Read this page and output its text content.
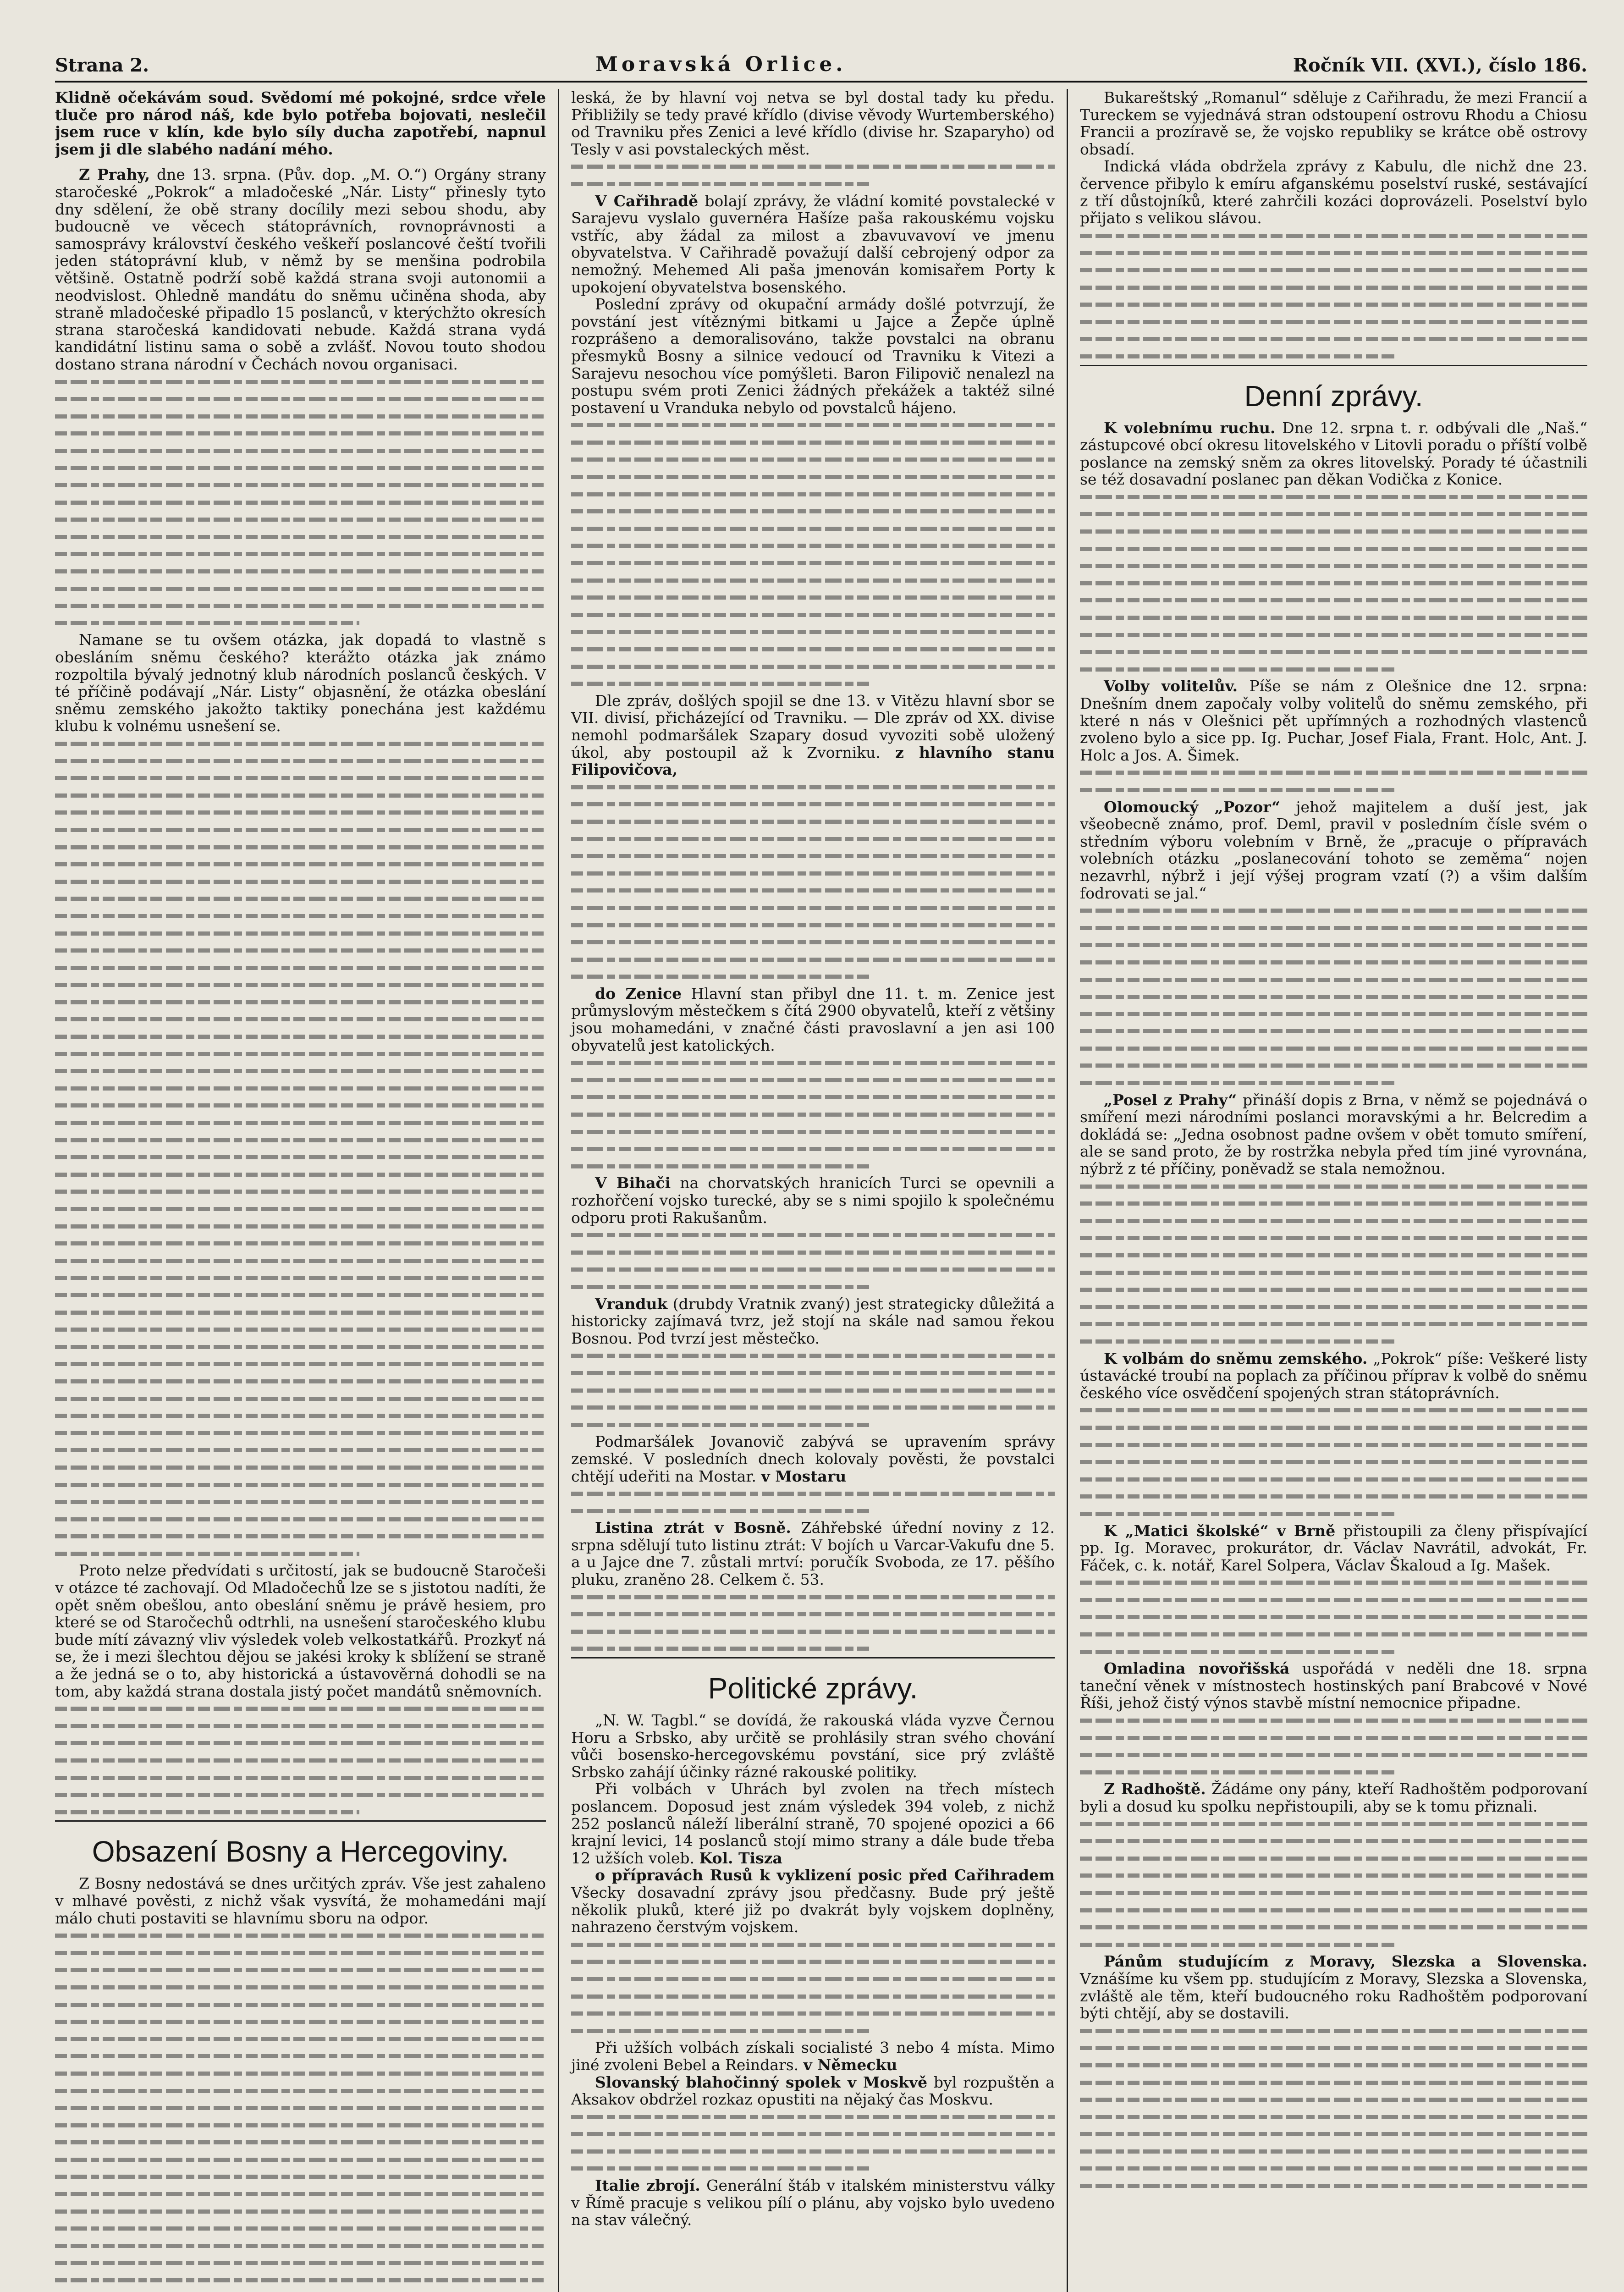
Strana 2.	Moravská Orlice.	Ročník VII. (XVI.), číslo 186.

Klidně očekávám soud. Svědomí mé pokojné, srdce vřele tluče pro národ náš, kde bylo potřeba bojovati, neslečil jsem ruce v klín, kde bylo síly ducha zapotřebí, napnul jsem ji dle slabého nadání mého.

Z Prahy, dne 13. srpna. (Pův. dop. „M. O.“) Orgány strany staročeské „Pokrok“ a mladočeské „Nár. Listy“ přinesly tyto dny sdělení, že obě strany docílily mezi sebou shodu, aby budoucně ve věcech státoprávních, rovnoprávnosti a samosprávy království českého veškeří poslancové čeští tvořili jeden státoprávní klub, v němž by se menšina podrobila většině. Ostatně podrží sobě každá strana svoji autonomii a neodvislost. Ohledně mandátu do sněmu učiněna shoda, aby straně mladočeské připadlo 15 poslanců, v kterýchžto okresích strana staročeská kandidovati nebude. Každá strana vydá kandidátní listinu sama o sobě a zvlášť. Novou touto shodou dostano strana národní v Čechách novou organisaci.

Namane se tu ovšem otázka, jak dopadá to vlastně s obesláním sněmu českého? kterážto otázka jak známo rozpoltila bývalý jednotný klub národních poslanců českých. V té příčině podávají „Nár. Listy“ objasnění, že otázka obeslání sněmu zemského jakožto taktiky ponechána jest každému klubu k volnému usnešení se.

Proto nelze předvídati s určitostí, jak se budoucně Staročeši v otázce té zachovají. Od Mladočechů lze se s jistotou nadíti, že opět sněm obešlou, anto obeslání sněmu je právě hesiem, pro které se od Staročechů odtrhli, na usnešení staročeského klubu bude mítí závazný vliv výsledek voleb velkostatkářů. Prozkyť ná se, že i mezi šlechtou dějou se jakési kroky k sblížení se straně a že jedná se o to, aby historická a ústavověrná dohodli se na tom, aby každá strana dostala jistý počet mandátů sněmovních.

Obsazení Bosny a Hercegoviny.

Z Bosny nedostává se dnes určitých zpráv. Vše jest zahaleno v mlhavé pověsti, z nichž však vysvítá, že mohamedáni mají málo chuti postaviti se hlavnímu sboru na odpor.

leská, že by hlavní voj netva se byl dostal tady ku předu. Přibližily se tedy pravé křídlo (divise věvody Wurtemberského) od Travniku přes Zenici a levé křídlo (divise hr. Szaparyho) od Tesly v asi povstaleckých měst.

V Cařihradě bolají zprávy, že vládní komité povstalecké v Sarajevu vyslalo guvernéra Hašíze paša rakouskému vojsku vstříc, aby žádal za milost a zbavuvavoví ve jmenu obyvatelstva. V Cařihradě považují další cebrojený odpor za nemožný. Mehemed Ali paša jmenován komisařem Porty k upokojení obyvatelstva bosenského.

Poslední zprávy od okupační armády došlé potvrzují, že povstání jest vítěznými bitkami u Jajce a Žepče úplně rozprášeno a demoralisováno, takže povstalci na obranu přesmyků Bosny a silnice vedoucí od Travniku k Vitezi a Sarajevu nesochou více pomýšleti. Baron Filipovič nenalezl na postupu svém proti Zenici žádných překážek a taktéž silné postavení u Vranduka nebylo od povstalců hájeno.

Dle zpráv, došlých spojil se dne 13. v Vitězu hlavní sbor se VII. divisí, přicházející od Travniku. — Dle zpráv od XX. divise nemohl podmaršálek Szapary dosud vyvoziti sobě uložený úkol, aby postoupil až k Zvorniku. z hlavního stanu Filipovičova,

do Zenice Hlavní stan přibyl dne 11. t. m. Zenice jest průmyslovým městečkem s čítá 2900 obyvatelů, kteří z většiny jsou mohamedáni, v značné části pravoslavní a jen asi 100 obyvatelů jest katolických.

V Bihači na chorvatských hranicích Turci se opevnili a rozhořčení vojsko turecké, aby se s nimi spojilo k společnému odporu proti Rakušanům.

Vranduk (drubdy Vratnik zvaný) jest strategicky důležitá a historicky zajímavá tvrz, jež stojí na skále nad samou řekou Bosnou. Pod tvrzí jest městečko.

Podmaršálek Jovanovič zabývá se upravením správy zemské. V posledních dnech kolovaly pověsti, že povstalci chtějí udeřiti na Mostar. v Mostaru

Listina ztrát v Bosně. Záhřebské úřední noviny z 12. srpna sdělují tuto listinu ztrát: V bojích u Varcar-Vakufu dne 5. a u Jajce dne 7. zůstali mrtví: poručík Svoboda, ze 17. pěšího pluku, zraněno 28. Celkem č. 53.

Politické zprávy.

„N. W. Tagbl.“ se dovídá, že rakouská vláda vyzve Černou Horu a Srbsko, aby určitě se prohlásily stran svého chování vůči bosensko-hercegovskému povstání, sice prý zvláště Srbsko zahájí účinky rázné rakouské politiky.

Při volbách v Uhrách byl zvolen na třech místech poslancem. Doposud jest znám výsledek 394 voleb, z nichž 252 poslanců náleží liberální straně, 70 spojené opozici a 66 krajní levici, 14 poslanců stojí mimo strany a dále bude třeba 12 užších voleb. Kol. Tisza

o přípravách Rusů k vyklizení posic před Cařihradem Všecky dosavadní zprávy jsou předčasny. Bude prý ještě několik pluků, které již po dvakrát byly vojskem doplněny, nahrazeno čerstvým vojskem.

Při užších volbách získali socialisté 3 nebo 4 místa. Mimo jiné zvoleni Bebel a Reindars. v Německu

Slovanský blahočinný spolek v Moskvě byl rozpuštěn a Aksakov obdržel rozkaz opustiti na nějaký čas Moskvu.

Italie zbrojí. Generální štáb v italském ministerstvu války v Římě pracuje s velikou pílí o plánu, aby vojsko bylo uvedeno na stav válečný.

Bukareštský „Romanul“ sděluje z Cařihradu, že mezi Francií a Tureckem se vyjednává stran odstoupení ostrovu Rhodu a Chiosu Francii a prozíravě se, že vojsko republiky se krátce obě ostrovy obsadí.

Indická vláda obdržela zprávy z Kabulu, dle nichž dne 23. července přibylo k emíru afganskému poselství ruské, sestávající z tří důstojníků, které zahrčili kozáci doprovázeli. Poselství bylo přijato s velikou slávou.

Denní zprávy.

K volebnímu ruchu. Dne 12. srpna t. r. odbývali dle „Naš.“ zástupcové obcí okresu litovelského v Litovli poradu o příští volbě poslance na zemský sněm za okres litovelský. Porady té účastnili se též dosavadní poslanec pan děkan Vodička z Konice.

Volby volitelův. Píše se nám z Olešnice dne 12. srpna: Dnešním dnem započaly volby volitelů do sněmu zemského, při které n nás v Olešnici pět upřímných a rozhodných vlastenců zvoleno bylo a sice pp. Ig. Puchar, Josef Fiala, Frant. Holc, Ant. J. Holc a Jos. A. Šimek.

Olomoucký „Pozor“ jehož majitelem a duší jest, jak všeobecně známo, prof. Deml, pravil v posledním čísle svém o středním výboru volebním v Brně, že „pracuje o přípravách volebních otázku „poslanecování tohoto se zeměma“ nojen nezavrhl, nýbrž i její výšej program vzatí (?) a všim dalším fodrovati se jal.“

„Posel z Prahy“ přináší dopis z Brna, v němž se pojednává o smíření mezi národními poslanci moravskými a hr. Belcredim a dokládá se: „Jedna osobnost padne ovšem v obět tomuto smíření, ale se sand proto, že by rostržka nebyla před tím jiné vyrovnána, nýbrž z té příčiny, poněvadž se stala nemožnou.

K volbám do sněmu zemského. „Pokrok“ píše: Veškeré listy ústavácké troubí na poplach za příčinou příprav k volbě do sněmu českého více osvědčení spojených stran státoprávních.

K „Matici školské“ v Brně přistoupili za členy přispívající pp. Ig. Moravec, prokurátor, dr. Václav Navrátil, advokát, Fr. Fáček, c. k. notář, Karel Solpera, Václav Škaloud a Ig. Mašek.

Omladina novořišská uspořádá v neděli dne 18. srpna taneční věnek v místnostech hostinských paní Brabcové v Nové Říši, jehož čistý výnos stavbě místní nemocnice připadne.

Z Radhoště. Žádáme ony pány, kteří Radhoštěm podporovaní byli a dosud ku spolku nepřistoupili, aby se k tomu přiznali.

Pánům studujícím z Moravy, Slezska a Slovenska. Vznášíme ku všem pp. studujícím z Moravy, Slezska a Slovenska, zvláště ale těm, kteří budoucného roku Radhoštěm podporovaní býti chtějí, aby se dostavili.
